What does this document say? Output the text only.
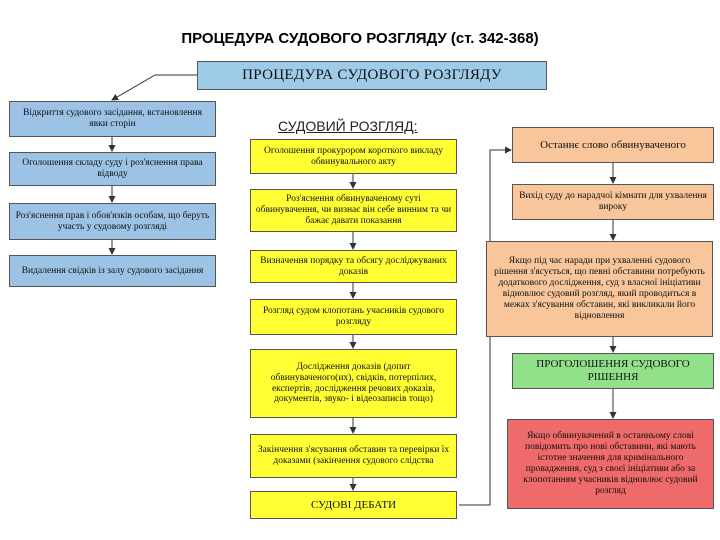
ПРОЦЕДУРА СУДОВОГО РОЗГЛЯДУ (ст. 342-368)
ПРОЦЕДУРА СУДОВОГО РОЗГЛЯДУ
СУДОВИЙ РОЗГЛЯД:
Відкриття судового засідання, встановлення явки сторін
Оголошення складу суду і роз'яснення права відводу
Роз'яснення прав і обов'язків особам, що беруть участь у судовому розгляді
Видалення свідків із залу судового засідання
Оголошення прокурором короткого викладу обвинувального акту
Роз'яснення обвинуваченому суті обвинувачення, чи визнає він себе винним та чи бажає давати показання
Визначення порядку та обсягу досліджуваних доказів
Розгляд судом клопотань учасників судового розгляду
Дослідження доказів (допит обвинуваченого(их), свідків, потерпілих, експертів, дослідження речових доказів, документів, звуко- і відеозаписів тощо)
Закінчення з'ясування обставин та перевірки їх доказами (закінчення судового слідства
СУДОВІ ДЕБАТИ
Останнє слово обвинуваченого
Вихід суду до нарадчої кімнати для ухвалення вироку
Якщо під час наради при ухваленні судового рішення з'ясується, що певні обставини потребують додаткового дослідження, суд з власної ініціативи відновлює судовий розгляд, який проводиться в межах з'ясування обставин, які викликали його відновлення
ПРОГОЛОШЕННЯ СУДОВОГО РІШЕННЯ
Якщо обвинувачений в останньому слові повідомить про нові обставини, які мають істотне значення для кримінального провадження, суд з своєї ініціативи або за клопотанням учасників відновлює судовий розгляд
